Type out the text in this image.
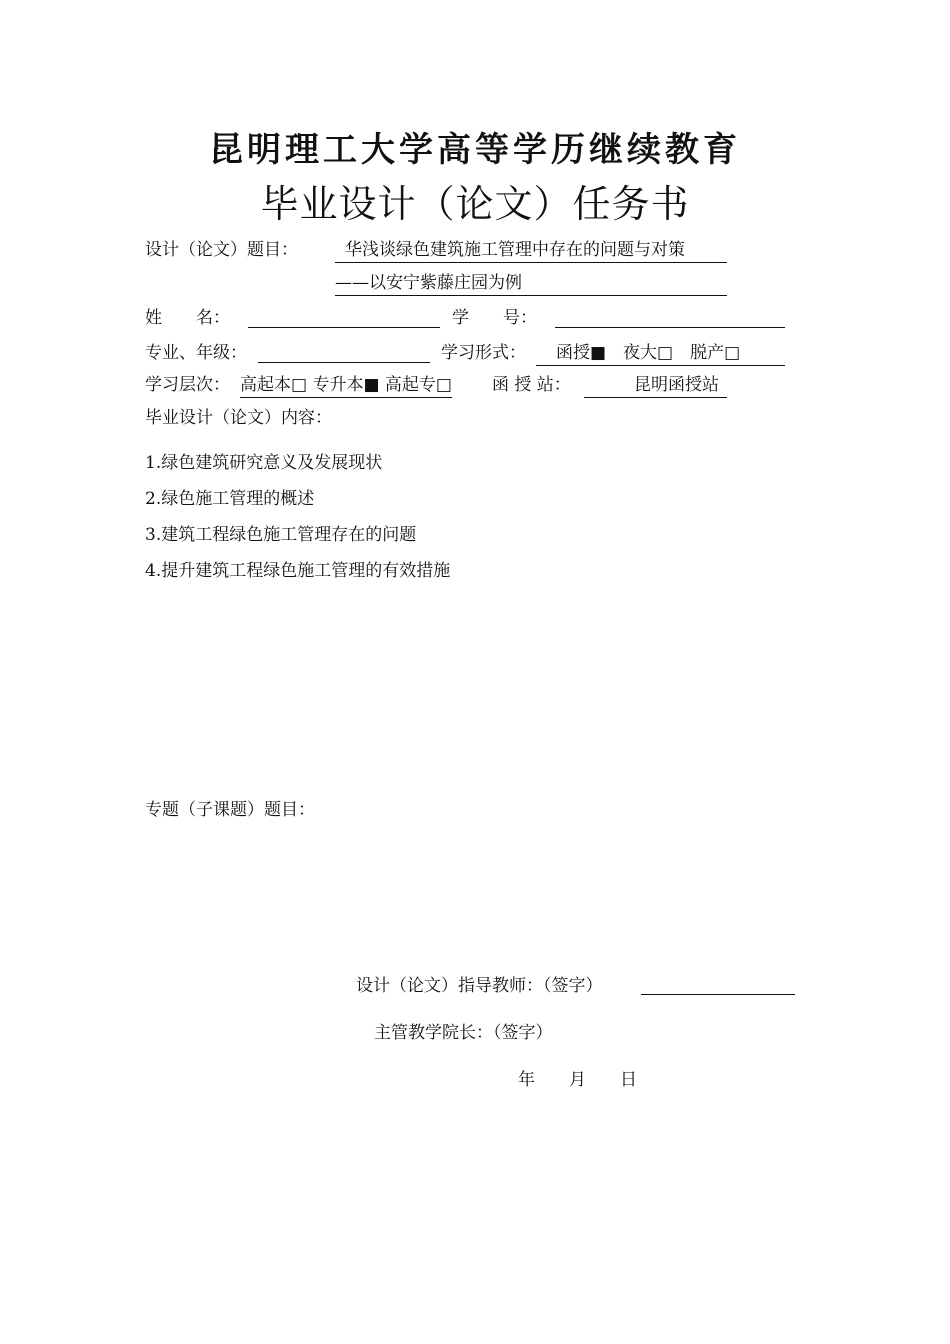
昆明理工大学高等学历继续教育
毕业设计（论文）任务书
设计（论文）题目：	华浅谈绿色建筑施工管理中存在的问题与对策
——以安宁紫藤庄园为例
姓　　名：	学　　号：
专业、年级：	学习形式：	函授■　夜大□　脱产□
学习层次： 高起本□ 专升本■ 高起专□ 函 授 站：	昆明函授站
毕业设计（论文）内容：
1.绿色建筑研究意义及发展现状
2.绿色施工管理的概述
3.建筑工程绿色施工管理存在的问题
4.提升建筑工程绿色施工管理的有效措施
专题（子课题）题目：
设计（论文）指导教师：（签字）
主管教学院长：（签字）
年　　月　　日
